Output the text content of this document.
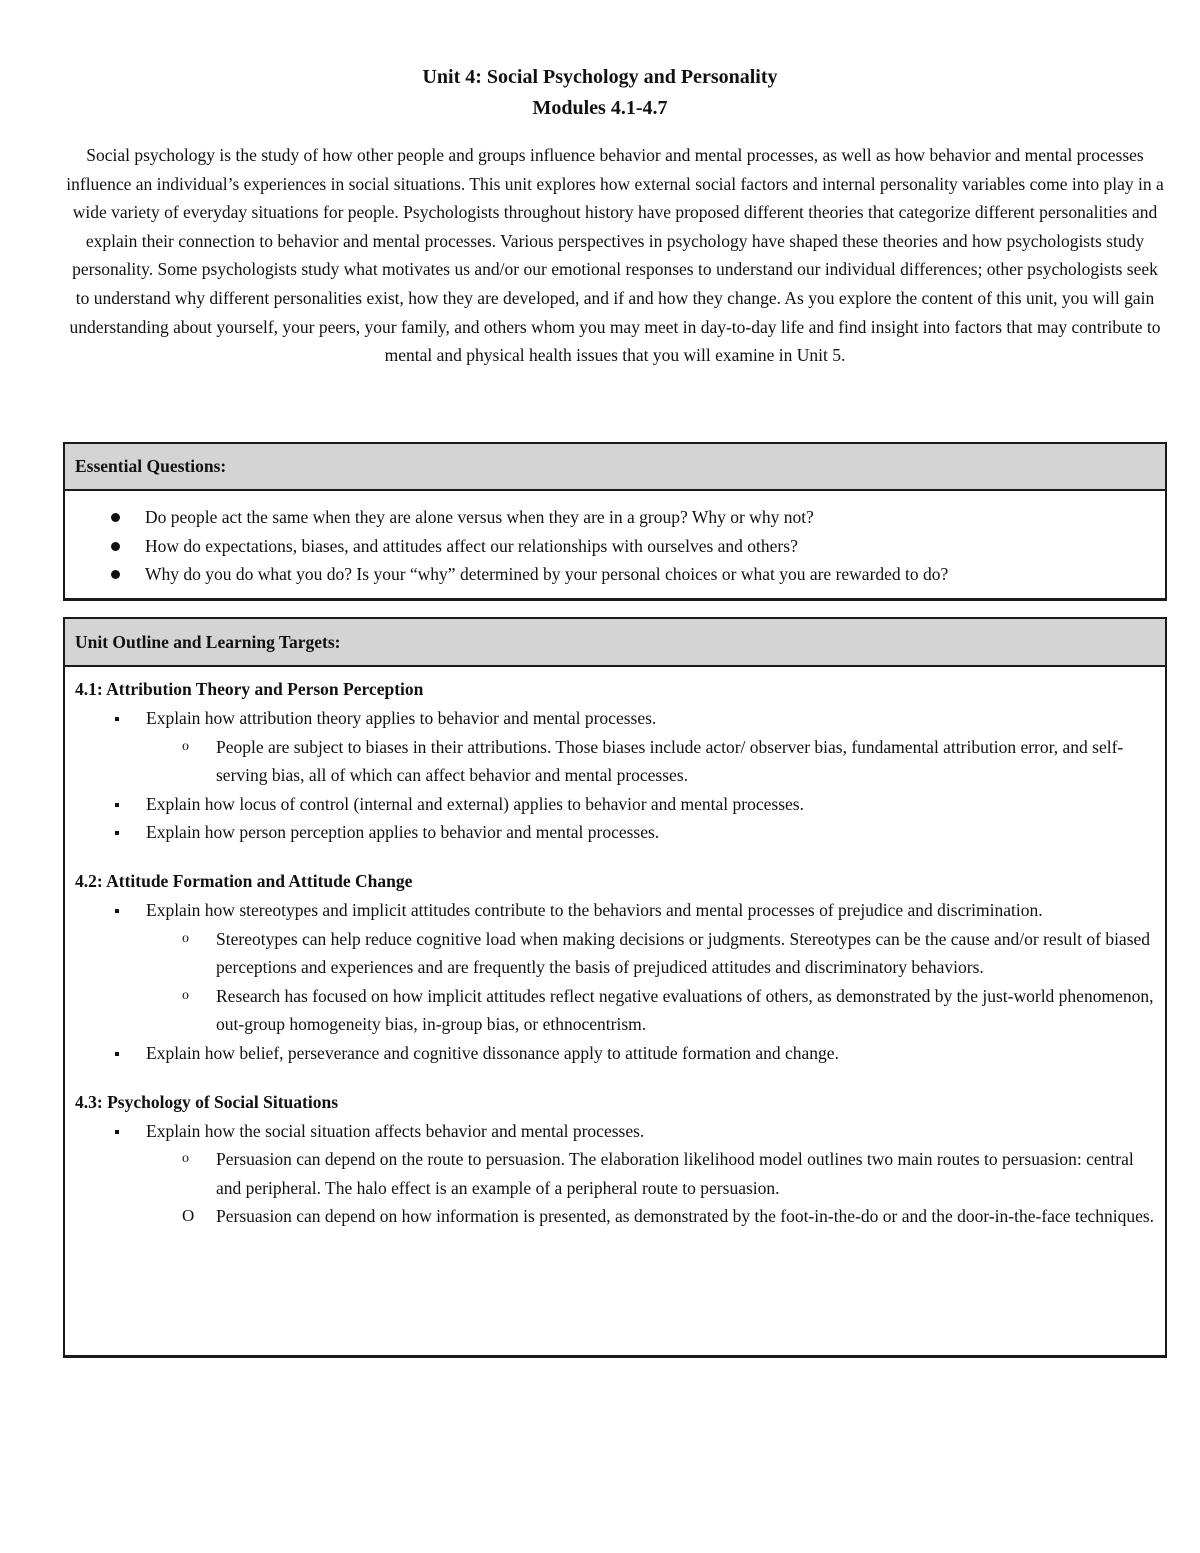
Unit 4: Social Psychology and Personality
Modules 4.1-4.7

Social psychology is the study of how other people and groups influence behavior and mental processes, as well as how behavior and mental processes influence an individual’s experiences in social situations. This unit explores how external social factors and internal personality variables come into play in a wide variety of everyday situations for people. Psychologists throughout history have proposed different theories that categorize different personalities and explain their connection to behavior and mental processes. Various perspectives in psychology have shaped these theories and how psychologists study personality. Some psychologists study what motivates us and/or our emotional responses to understand our individual differences; other psychologists seek to understand why different personalities exist, how they are developed, and if and how they change. As you explore the content of this unit, you will gain understanding about yourself, your peers, your family, and others whom you may meet in day-to-day life and find insight into factors that may contribute to mental and physical health issues that you will examine in Unit 5.

Essential Questions:
Do people act the same when they are alone versus when they are in a group? Why or why not?
How do expectations, biases, and attitudes affect our relationships with ourselves and others?
Why do you do what you do? Is your “why” determined by your personal choices or what you are rewarded to do?
Unit Outline and Learning Targets:
4.1: Attribution Theory and Person Perception
Explain how attribution theory applies to behavior and mental processes.
o People are subject to biases in their attributions. Those biases include actor/ observer bias, fundamental attribution error, and self-serving bias, all of which can affect behavior and mental processes.
Explain how locus of control (internal and external) applies to behavior and mental processes.
Explain how person perception applies to behavior and mental processes.
4.2: Attitude Formation and Attitude Change
Explain how stereotypes and implicit attitudes contribute to the behaviors and mental processes of prejudice and discrimination.
o Stereotypes can help reduce cognitive load when making decisions or judgments. Stereotypes can be the cause and/or result of biased perceptions and experiences and are frequently the basis of prejudiced attitudes and discriminatory behaviors.
o Research has focused on how implicit attitudes reflect negative evaluations of others, as demonstrated by the just-world phenomenon, out-group homogeneity bias, in-group bias, or ethnocentrism.
Explain how belief, perseverance and cognitive dissonance apply to attitude formation and change.
4.3: Psychology of Social Situations
Explain how the social situation affects behavior and mental processes.
o Persuasion can depend on the route to persuasion. The elaboration likelihood model outlines two main routes to persuasion: central and peripheral. The halo effect is an example of a peripheral route to persuasion.
O Persuasion can depend on how information is presented, as demonstrated by the foot-in-the-do or and the door-in-the-face techniques.
